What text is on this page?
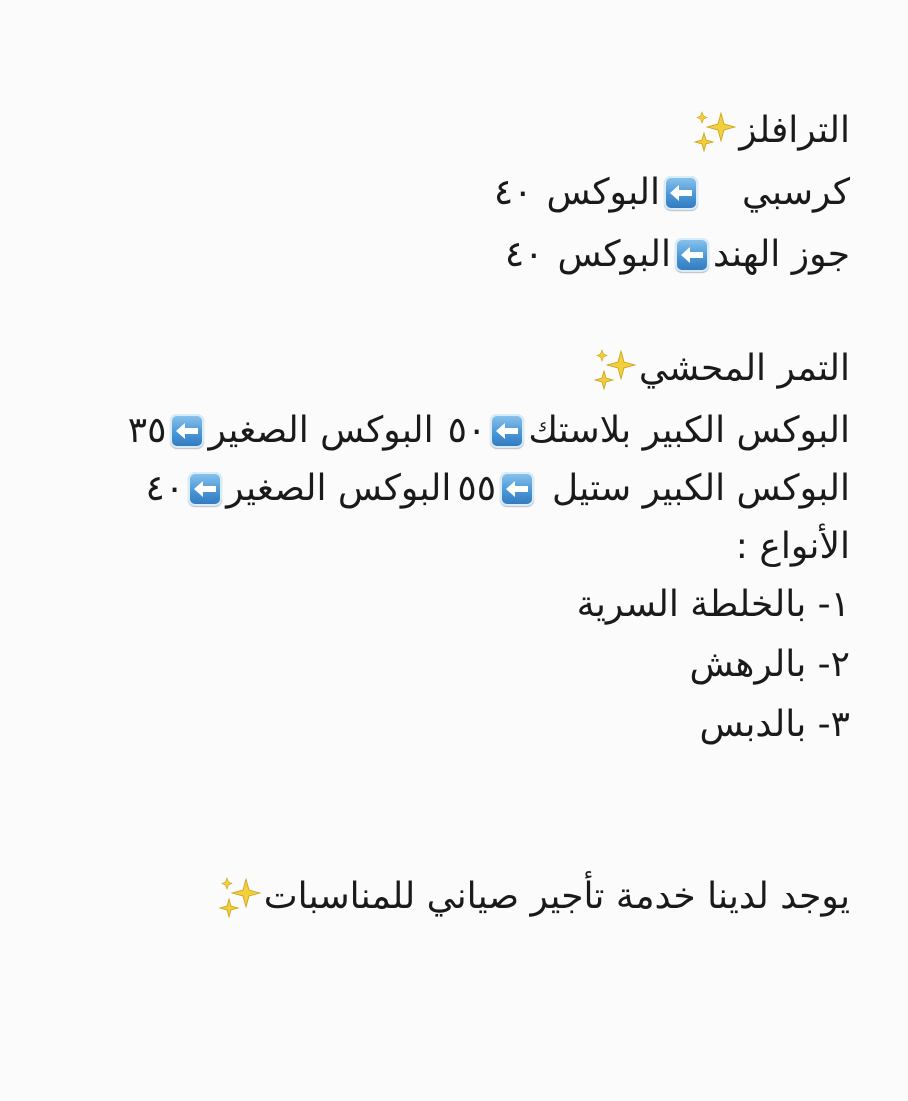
الترافلز
كرسبي
البوكس
٤٠
جوز الهند
البوكس
٤٠
التمر المحشي
البوكس الكبير بلاستك
٥٠
البوكس الصغير
٣٥
البوكس الكبير ستيل
٥٥
البوكس الصغير
٤٠
الأنواع :
١- بالخلطة السرية
٢- بالرهش
٣- بالدبس
يوجد لدينا خدمة تأجير صياني للمناسبات
